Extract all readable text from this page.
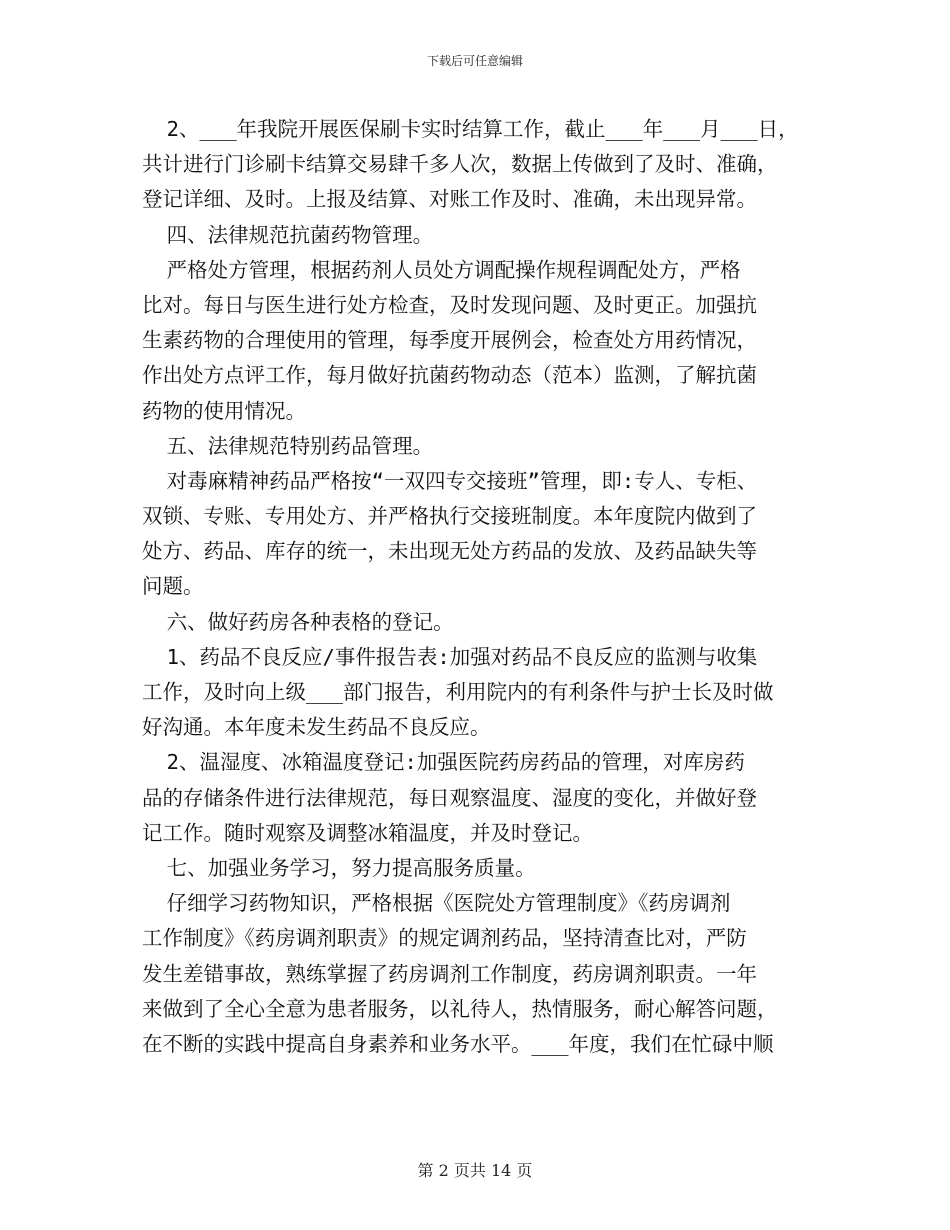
下载后可任意编辑
2、___年我院开展医保刷卡实时结算工作，截止___年___月___日，
共计进行门诊刷卡结算交易肆千多人次，数据上传做到了及时、准确，
登记详细、及时。上报及结算、对账工作及时、准确，未出现异常。
四、法律规范抗菌药物管理。
严格处方管理，根据药剂人员处方调配操作规程调配处方，严格
比对。每日与医生进行处方检查，及时发现问题、及时更正。加强抗
生素药物的合理使用的管理，每季度开展例会，检查处方用药情况，
作出处方点评工作，每月做好抗菌药物动态（范本）监测，了解抗菌
药物的使用情况。
五、法律规范特别药品管理。
对毒麻精神药品严格按“一双四专交接班”管理，即:专人、专柜、
双锁、专账、专用处方、并严格执行交接班制度。本年度院内做到了
处方、药品、库存的统一，未出现无处方药品的发放、及药品缺失等
问题。
六、做好药房各种表格的登记。
1、药品不良反应/事件报告表:加强对药品不良反应的监测与收集
工作，及时向上级___部门报告，利用院内的有利条件与护士长及时做
好沟通。本年度未发生药品不良反应。
2、温湿度、冰箱温度登记:加强医院药房药品的管理，对库房药
品的存储条件进行法律规范，每日观察温度、湿度的变化，并做好登
记工作。随时观察及调整冰箱温度，并及时登记。
七、加强业务学习，努力提高服务质量。
仔细学习药物知识，严格根据《医院处方管理制度》《药房调剂
工作制度》《药房调剂职责》的规定调剂药品，坚持清查比对，严防
发生差错事故，熟练掌握了药房调剂工作制度，药房调剂职责。一年
来做到了全心全意为患者服务，以礼待人，热情服务，耐心解答问题，
在不断的实践中提高自身素养和业务水平。___年度，我们在忙碌中顺
第 2 页共 14 页
